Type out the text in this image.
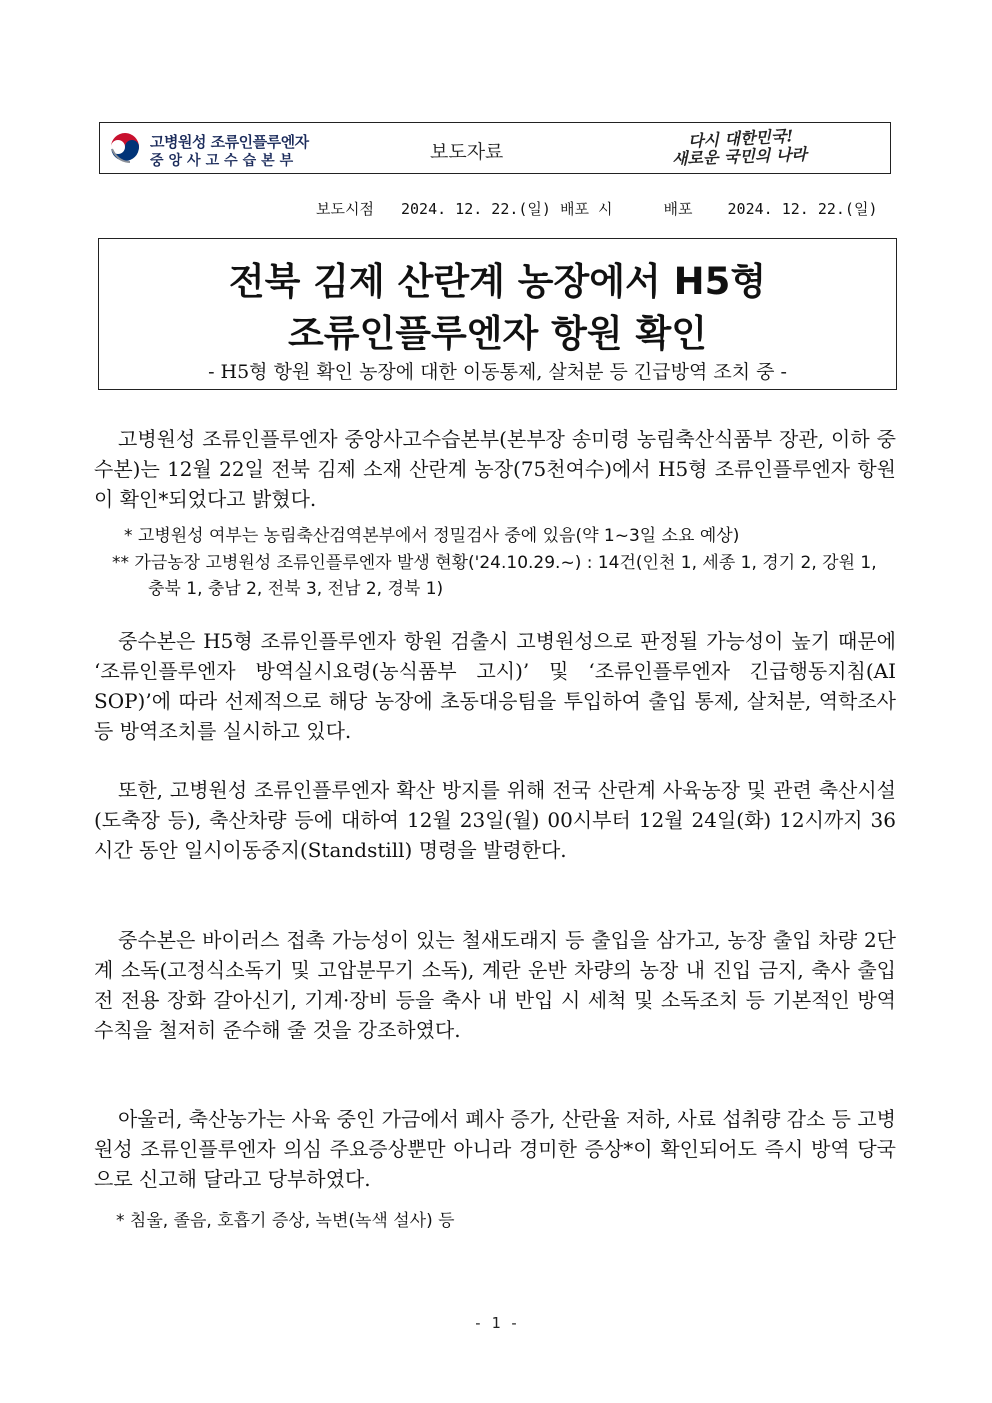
고병원성 조류인플루엔자
중앙사고수습본부	보도자료
다시 대한민국!
새로운 국민의 나라
보도시점 2024. 12. 22.(일) 배포 시	배포 2024. 12. 22.(일)
전북 김제 산란계 농장에서 H5형
조류인플루엔자 항원 확인
- H5형 항원 확인 농장에 대한 이동통제, 살처분 등 긴급방역 조치 중 -

고병원성 조류인플루엔자 중앙사고수습본부(본부장 송미령 농림축산식품부 장관, 이하 중수본)는 12월 22일 전북 김제 소재 산란계 농장(75천여수)에서 H5형 조류인플루엔자 항원이 확인*되었다고 밝혔다.

* 고병원성 여부는 농림축산검역본부에서 정밀검사 중에 있음(약 1~3일 소요 예상)

** 가금농장 고병원성 조류인플루엔자 발생 현황('24.10.29.~) : 14건(인천 1, 세종 1, 경기 2, 강원 1, 충북 1, 충남 2, 전북 3, 전남 2, 경북 1)

중수본은 H5형 조류인플루엔자 항원 검출시 고병원성으로 판정될 가능성이 높기 때문에 ‘조류인플루엔자 방역실시요령(농식품부 고시)’ 및 ‘조류인플루엔자 긴급행동지침(AI SOP)’에 따라 선제적으로 해당 농장에 초동대응팀을 투입하여 출입 통제, 살처분, 역학조사 등 방역조치를 실시하고 있다.

또한, 고병원성 조류인플루엔자 확산 방지를 위해 전국 산란계 사육농장 및 관련 축산시설(도축장 등), 축산차량 등에 대하여 12월 23일(월) 00시부터 12월 24일(화) 12시까지 36시간 동안 일시이동중지(Standstill) 명령을 발령한다.

중수본은 바이러스 접촉 가능성이 있는 철새도래지 등 출입을 삼가고, 농장 출입 차량 2단계 소독(고정식소독기 및 고압분무기 소독), 계란 운반 차량의 농장 내 진입 금지, 축사 출입 전 전용 장화 갈아신기, 기계·장비 등을 축사 내 반입 시 세척 및 소독조치 등 기본적인 방역수칙을 철저히 준수해 줄 것을 강조하였다.

아울러, 축산농가는 사육 중인 가금에서 폐사 증가, 산란율 저하, 사료 섭취량 감소 등 고병원성 조류인플루엔자 의심 주요증상뿐만 아니라 경미한 증상*이 확인되어도 즉시 방역 당국으로 신고해 달라고 당부하였다.

* 침울, 졸음, 호흡기 증상, 녹변(녹색 설사) 등

- 1 -
